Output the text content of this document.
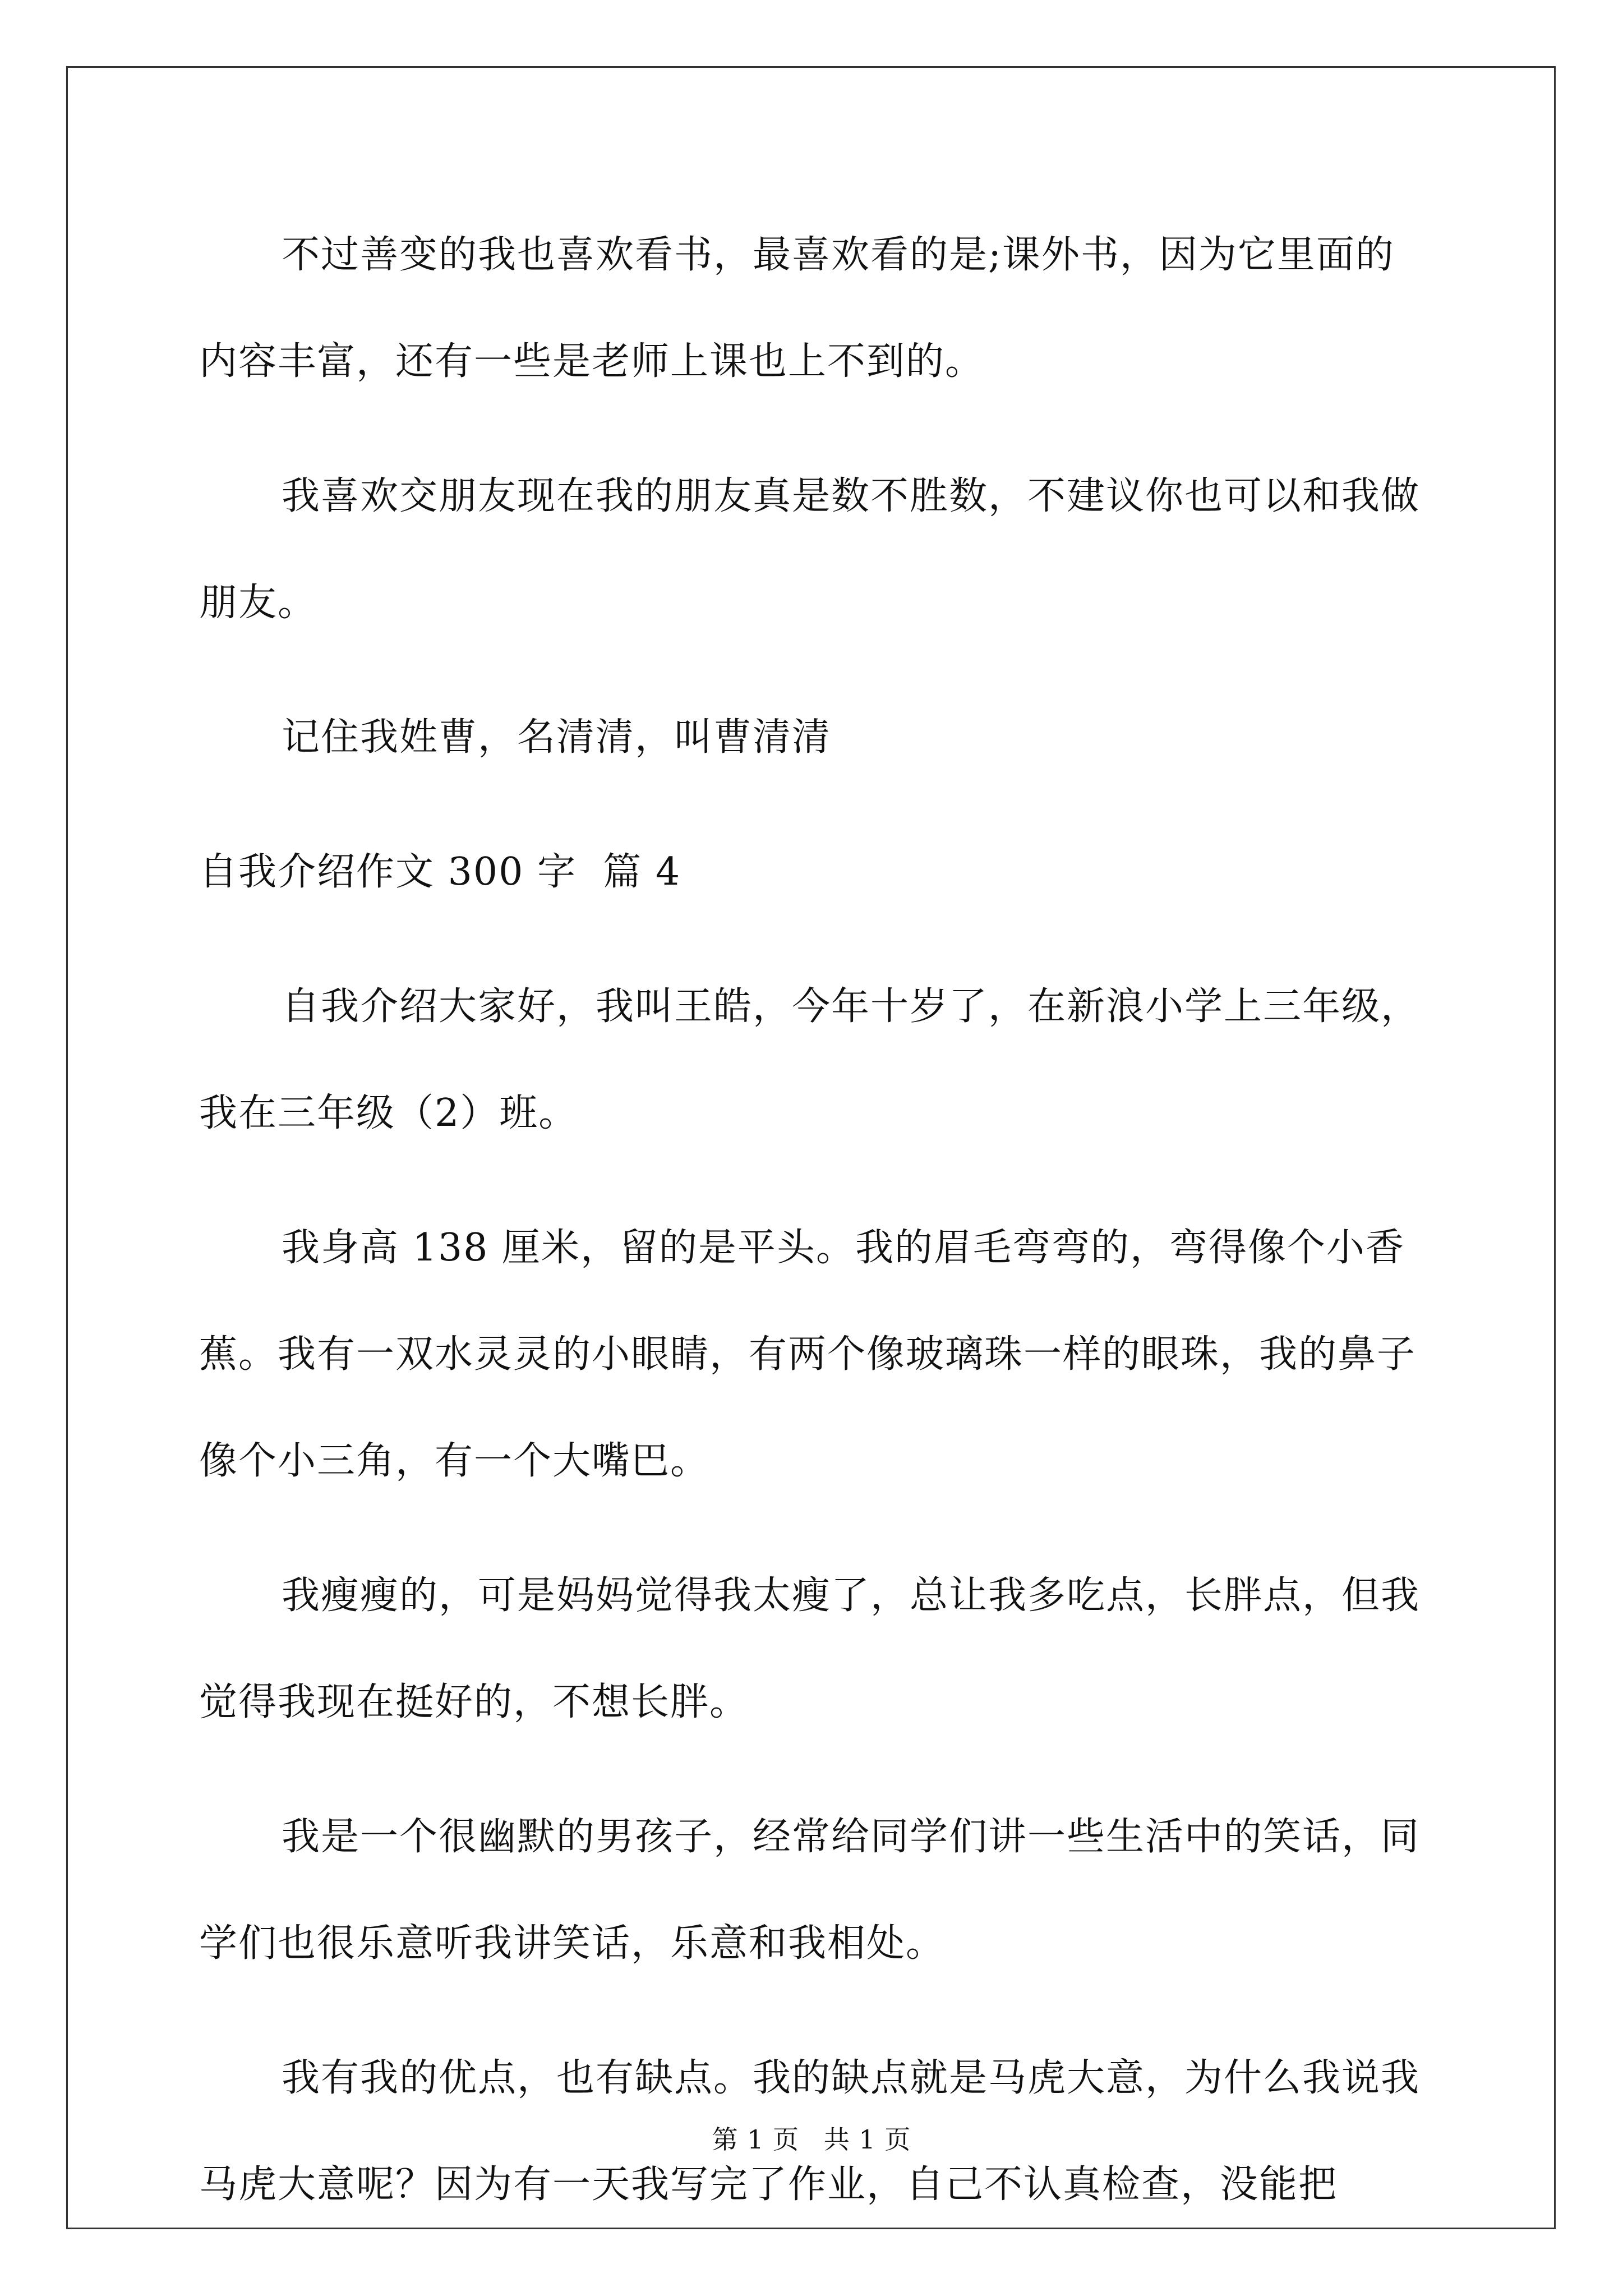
不过善变的我也喜欢看书，最喜欢看的是;课外书，因为它里面的内容丰富，还有一些是老师上课也上不到的。

我喜欢交朋友现在我的朋友真是数不胜数，不建议你也可以和我做朋友。

记住我姓曹，名清清，叫曹清清

自我介绍作文 300 字  篇 4

自我介绍大家好，我叫王皓，今年十岁了，在新浪小学上三年级，我在三年级（2）班。

我身高 138 厘米，留的是平头。我的眉毛弯弯的，弯得像个小香蕉。我有一双水灵灵的小眼睛，有两个像玻璃珠一样的眼珠，我的鼻子像个小三角，有一个大嘴巴。

我瘦瘦的，可是妈妈觉得我太瘦了，总让我多吃点，长胖点，但我觉得我现在挺好的，不想长胖。

我是一个很幽默的男孩子，经常给同学们讲一些生活中的笑话，同学们也很乐意听我讲笑话，乐意和我相处。

我有我的优点，也有缺点。我的缺点就是马虎大意，为什么我说我马虎大意呢？因为有一天我写完了作业，自己不认真检查，没能把

第 1 页 共 1 页
